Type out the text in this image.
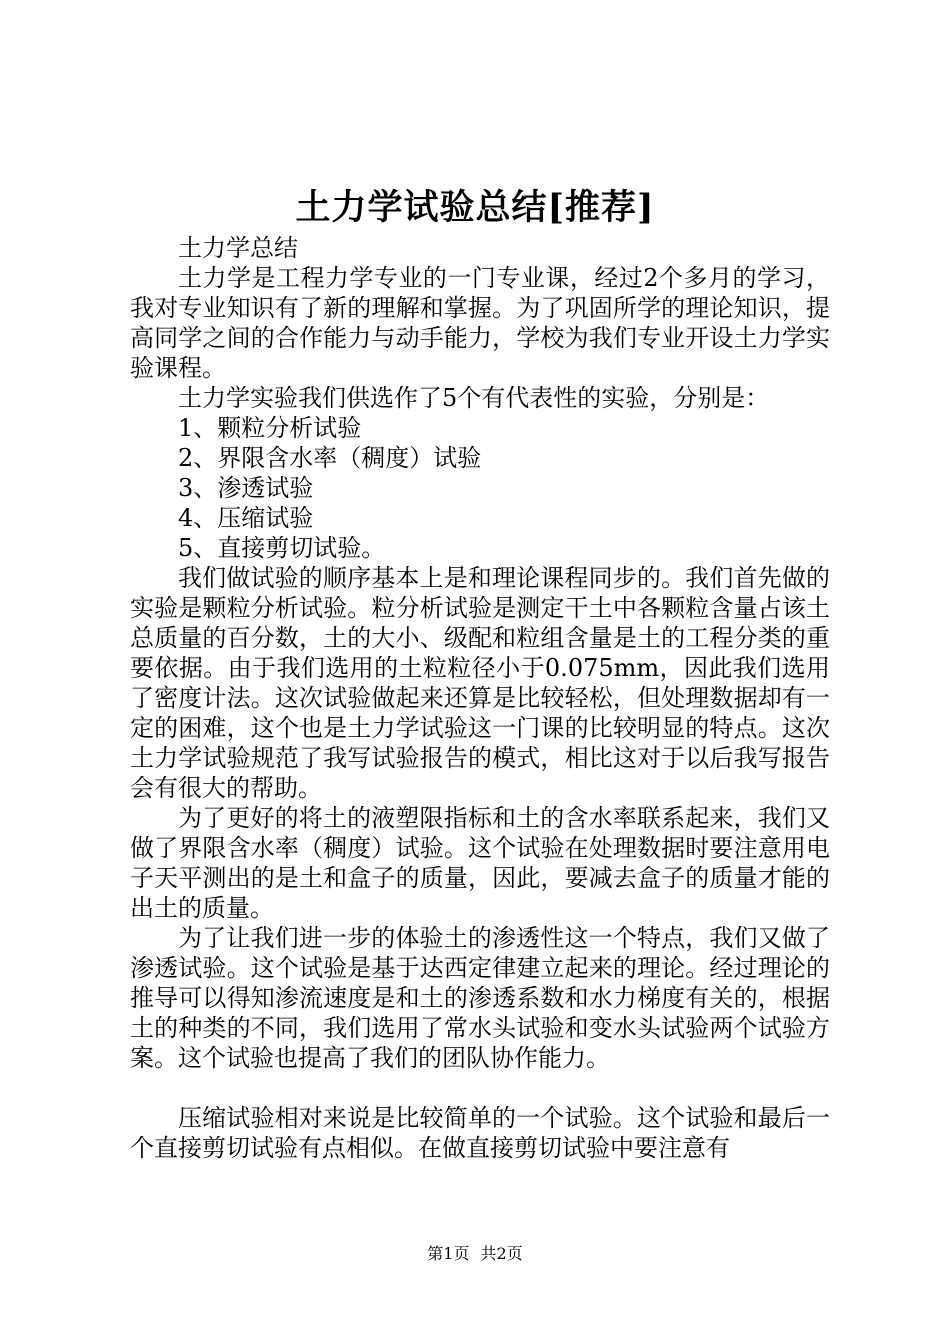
土力学试验总结[推荐]

土力学总结

土力学是工程力学专业的一门专业课，经过2个多月的学习，我对专业知识有了新的理解和掌握。为了巩固所学的理论知识，提高同学之间的合作能力与动手能力，学校为我们专业开设土力学实验课程。

土力学实验我们供选作了5个有代表性的实验，分别是：

1、颗粒分析试验

2、界限含水率（稠度）试验

3、渗透试验

4、压缩试验

5、直接剪切试验。

我们做试验的顺序基本上是和理论课程同步的。我们首先做的实验是颗粒分析试验。粒分析试验是测定干土中各颗粒含量占该土总质量的百分数，土的大小、级配和粒组含量是土的工程分类的重要依据。由于我们选用的土粒粒径小于0.075mm，因此我们选用了密度计法。这次试验做起来还算是比较轻松，但处理数据却有一定的困难，这个也是土力学试验这一门课的比较明显的特点。这次土力学试验规范了我写试验报告的模式，相比这对于以后我写报告会有很大的帮助。

为了更好的将土的液塑限指标和土的含水率联系起来，我们又做了界限含水率（稠度）试验。这个试验在处理数据时要注意用电子天平测出的是土和盒子的质量，因此，要减去盒子的质量才能的出土的质量。

为了让我们进一步的体验土的渗透性这一个特点，我们又做了渗透试验。这个试验是基于达西定律建立起来的理论。经过理论的推导可以得知渗流速度是和土的渗透系数和水力梯度有关的，根据土的种类的不同，我们选用了常水头试验和变水头试验两个试验方案。这个试验也提高了我们的团队协作能力。

压缩试验相对来说是比较简单的一个试验。这个试验和最后一个直接剪切试验有点相似。在做直接剪切试验中要注意有

第1页 共2页
